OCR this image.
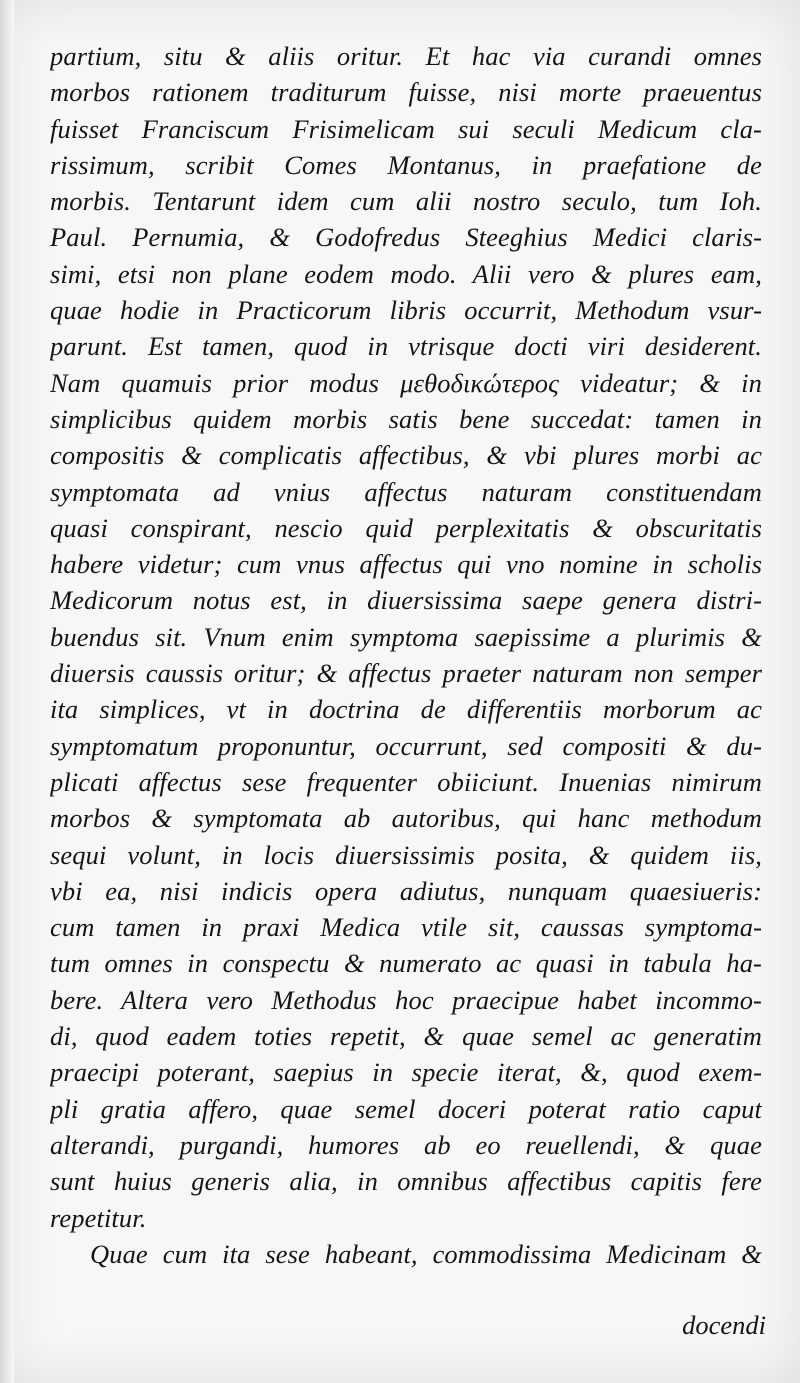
partium, situ & aliis oritur. Et hac via curandi omnes
morbos rationem traditurum fuisse, nisi morte praeuentus
fuisset Franciscum Frisimelicam sui seculi Medicum cla-
rissimum, scribit Comes Montanus, in praefatione de
morbis. Tentarunt idem cum alii nostro seculo, tum Ioh.
Paul. Pernumia, & Godofredus Steeghius Medici claris-
simi, etsi non plane eodem modo. Alii vero & plures eam,
quae hodie in Practicorum libris occurrit, Methodum vsur-
parunt. Est tamen, quod in vtrisque docti viri desiderent.
Nam quamuis prior modus μεθοδικώτερος videatur; & in
simplicibus quidem morbis satis bene succedat: tamen in
compositis & complicatis affectibus, & vbi plures morbi ac
symptomata ad vnius affectus naturam constituendam
quasi conspirant, nescio quid perplexitatis & obscuritatis
habere videtur; cum vnus affectus qui vno nomine in scholis
Medicorum notus est, in diuersissima saepe genera distri-
buendus sit. Vnum enim symptoma saepissime a plurimis &
diuersis caussis oritur; & affectus praeter naturam non semper
ita simplices, vt in doctrina de differentiis morborum ac
symptomatum proponuntur, occurrunt, sed compositi & du-
plicati affectus sese frequenter obiiciunt. Inuenias nimirum
morbos & symptomata ab autoribus, qui hanc methodum
sequi volunt, in locis diuersissimis posita, & quidem iis,
vbi ea, nisi indicis opera adiutus, nunquam quaesiueris:
cum tamen in praxi Medica vtile sit, caussas symptoma-
tum omnes in conspectu & numerato ac quasi in tabula ha-
bere. Altera vero Methodus hoc praecipue habet incommo-
di, quod eadem toties repetit, & quae semel ac generatim
praecipi poterant, saepius in specie iterat, &, quod exem-
pli gratia affero, quae semel doceri poterat ratio caput
alterandi, purgandi, humores ab eo reuellendi, & quae
sunt huius generis alia, in omnibus affectibus capitis fere
repetitur.
Quae cum ita sese habeant, commodissima Medicinam &
docendi
